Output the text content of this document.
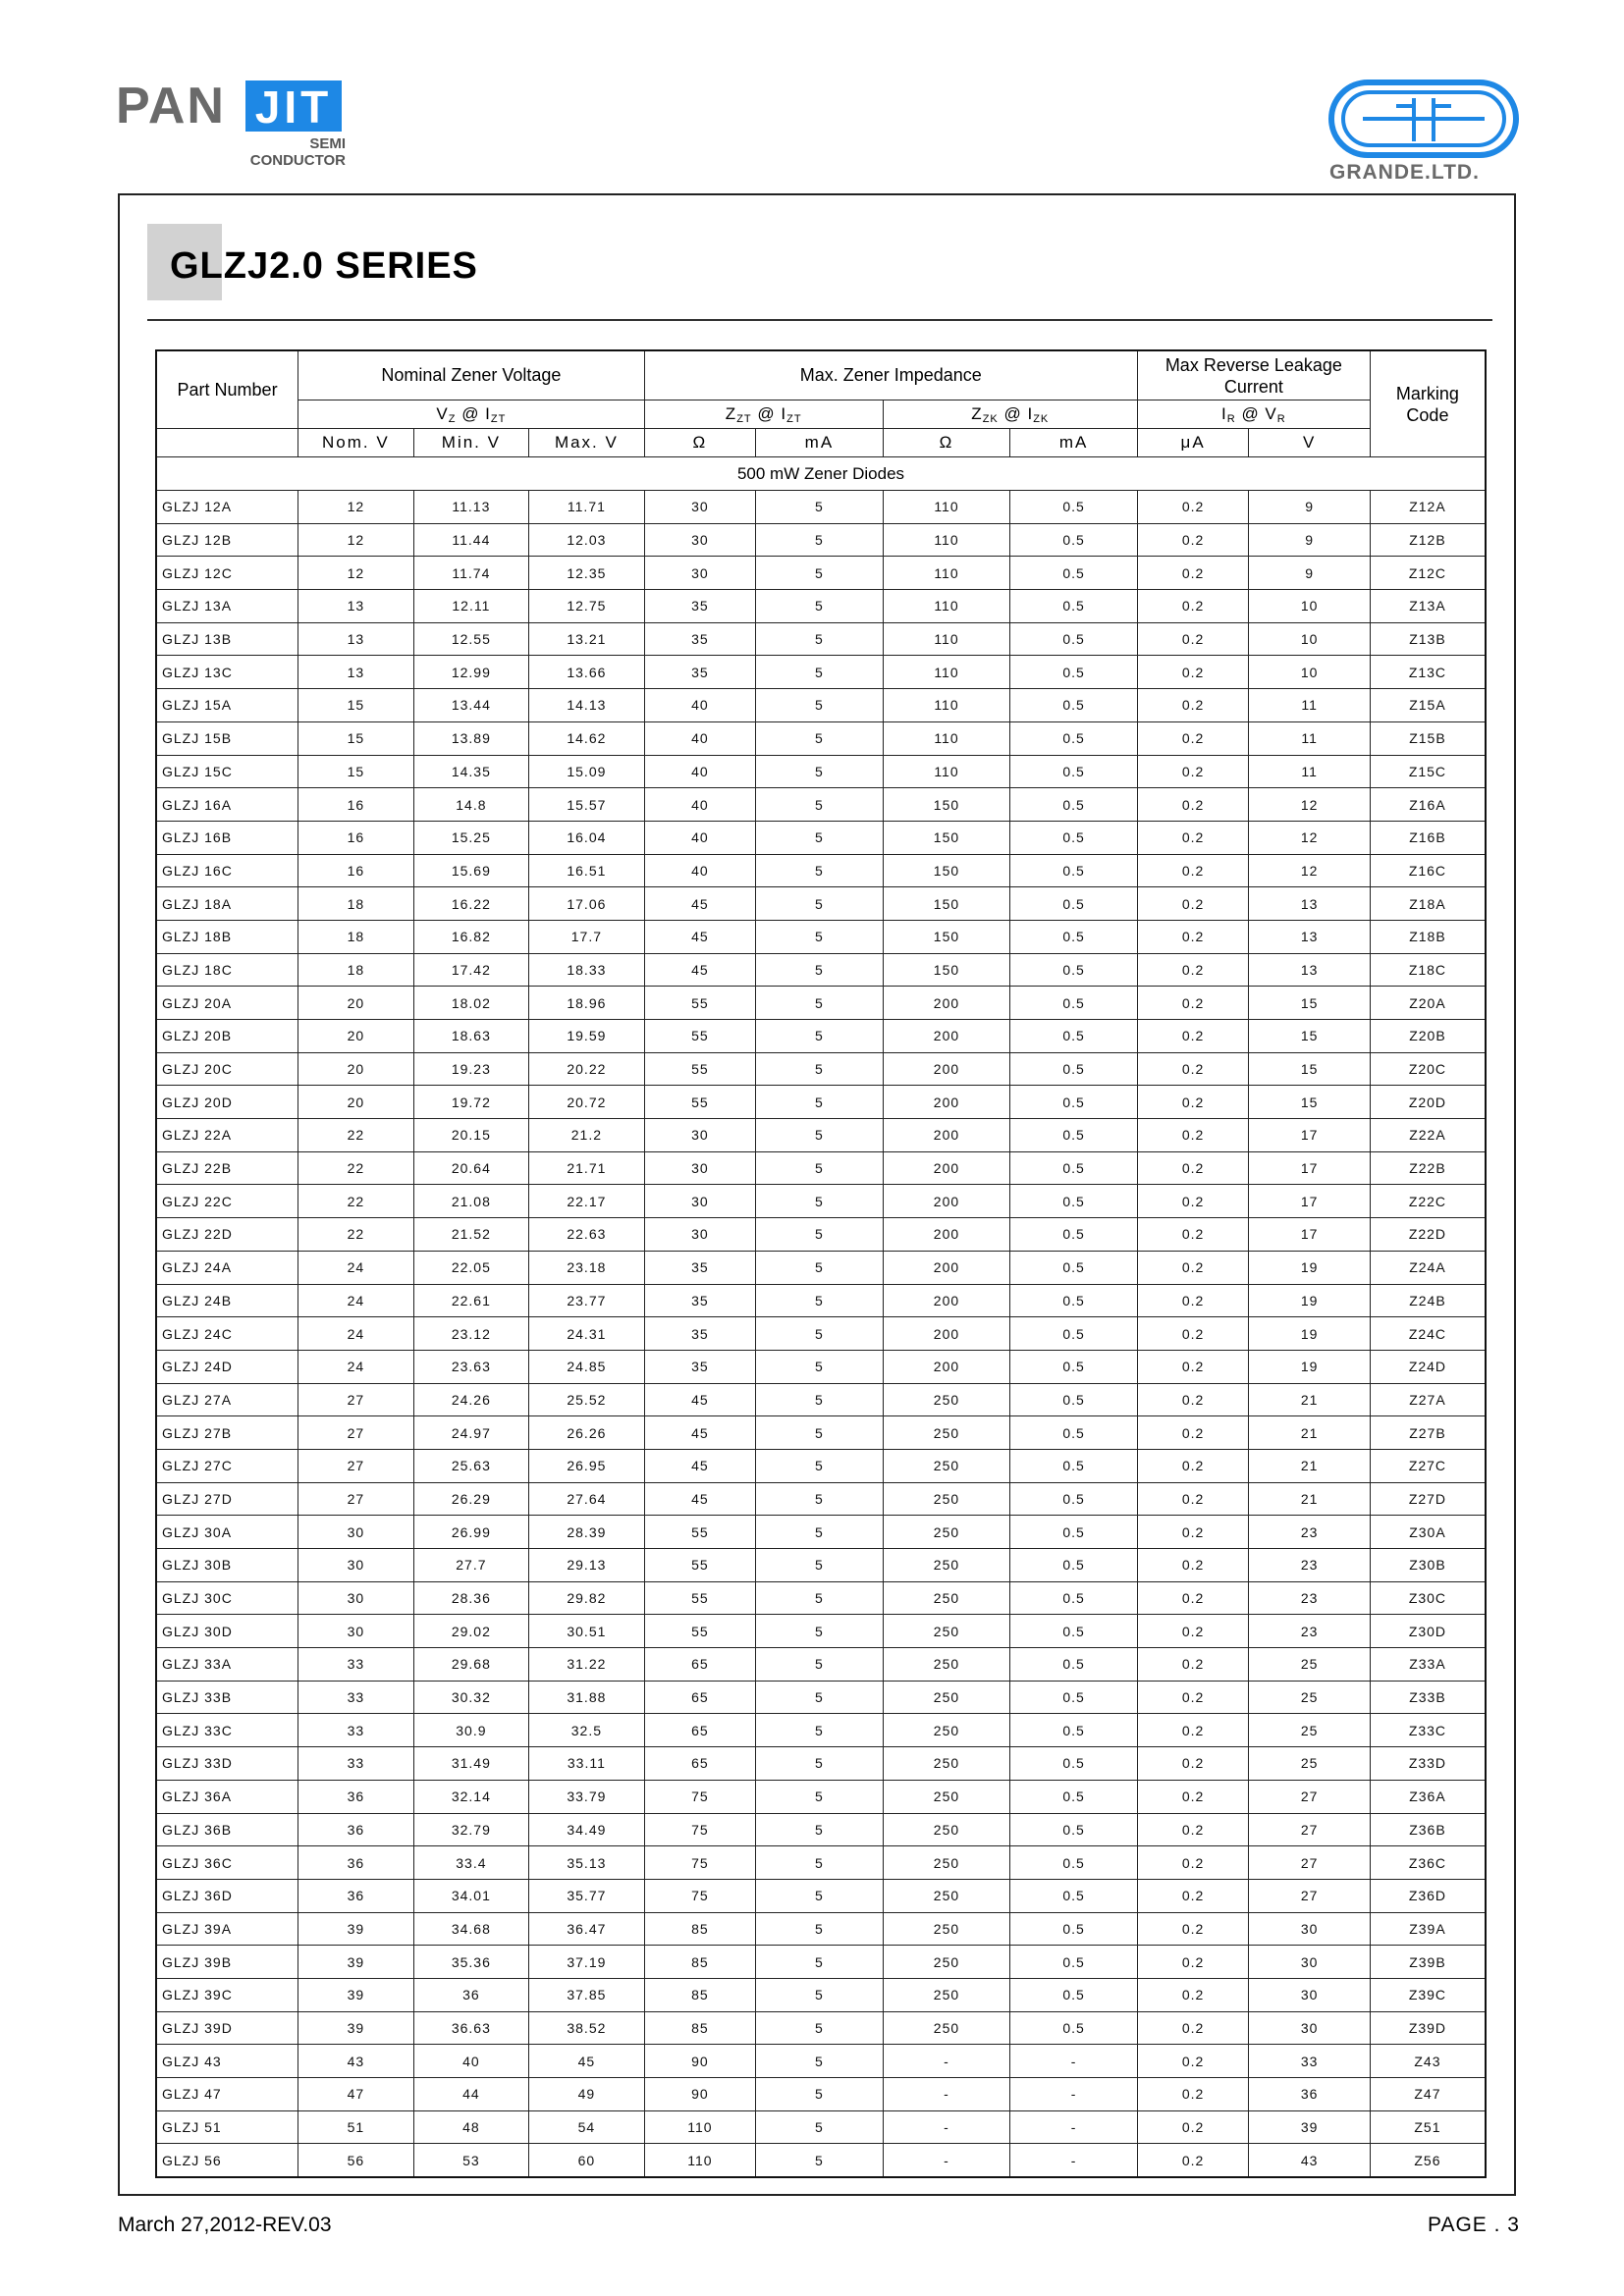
PAN JIT
SEMI
CONDUCTOR
GRANDE.LTD.
GLZJ2.0 SERIES
Part Number	Nominal Zener Voltage			Max. Zener Impedance				Max Reverse Leakage Current		Marking Code
	$V_Z$ @ $I_{ZT}$			$Z_{ZT}$ @ $I_{ZT}$		$Z_{ZK}$ @ $I_{ZK}$		$I_R$ @ $V_R$
	Nom. V	Min. V	Max. V	Ω	mA	Ω	mA	μA	V	
500 mW Zener Diodes										
GLZJ 12A	12	11.13	11.71	30	5	110	0.5	0.2	9	Z12A
GLZJ 12B	12	11.44	12.03	30	5	110	0.5	0.2	9	Z12B
GLZJ 12C	12	11.74	12.35	30	5	110	0.5	0.2	9	Z12C
GLZJ 13A	13	12.11	12.75	35	5	110	0.5	0.2	10	Z13A
GLZJ 13B	13	12.55	13.21	35	5	110	0.5	0.2	10	Z13B
GLZJ 13C	13	12.99	13.66	35	5	110	0.5	0.2	10	Z13C
GLZJ 15A	15	13.44	14.13	40	5	110	0.5	0.2	11	Z15A
GLZJ 15B	15	13.89	14.62	40	5	110	0.5	0.2	11	Z15B
GLZJ 15C	15	14.35	15.09	40	5	110	0.5	0.2	11	Z15C
GLZJ 16A	16	14.8	15.57	40	5	150	0.5	0.2	12	Z16A
GLZJ 16B	16	15.25	16.04	40	5	150	0.5	0.2	12	Z16B
GLZJ 16C	16	15.69	16.51	40	5	150	0.5	0.2	12	Z16C
GLZJ 18A	18	16.22	17.06	45	5	150	0.5	0.2	13	Z18A
GLZJ 18B	18	16.82	17.7	45	5	150	0.5	0.2	13	Z18B
GLZJ 18C	18	17.42	18.33	45	5	150	0.5	0.2	13	Z18C
GLZJ 20A	20	18.02	18.96	55	5	200	0.5	0.2	15	Z20A
GLZJ 20B	20	18.63	19.59	55	5	200	0.5	0.2	15	Z20B
GLZJ 20C	20	19.23	20.22	55	5	200	0.5	0.2	15	Z20C
GLZJ 20D	20	19.72	20.72	55	5	200	0.5	0.2	15	Z20D
GLZJ 22A	22	20.15	21.2	30	5	200	0.5	0.2	17	Z22A
GLZJ 22B	22	20.64	21.71	30	5	200	0.5	0.2	17	Z22B
GLZJ 22C	22	21.08	22.17	30	5	200	0.5	0.2	17	Z22C
GLZJ 22D	22	21.52	22.63	30	5	200	0.5	0.2	17	Z22D
GLZJ 24A	24	22.05	23.18	35	5	200	0.5	0.2	19	Z24A
GLZJ 24B	24	22.61	23.77	35	5	200	0.5	0.2	19	Z24B
GLZJ 24C	24	23.12	24.31	35	5	200	0.5	0.2	19	Z24C
GLZJ 24D	24	23.63	24.85	35	5	200	0.5	0.2	19	Z24D
GLZJ 27A	27	24.26	25.52	45	5	250	0.5	0.2	21	Z27A
GLZJ 27B	27	24.97	26.26	45	5	250	0.5	0.2	21	Z27B
GLZJ 27C	27	25.63	26.95	45	5	250	0.5	0.2	21	Z27C
GLZJ 27D	27	26.29	27.64	45	5	250	0.5	0.2	21	Z27D
GLZJ 30A	30	26.99	28.39	55	5	250	0.5	0.2	23	Z30A
GLZJ 30B	30	27.7	29.13	55	5	250	0.5	0.2	23	Z30B
GLZJ 30C	30	28.36	29.82	55	5	250	0.5	0.2	23	Z30C
GLZJ 30D	30	29.02	30.51	55	5	250	0.5	0.2	23	Z30D
GLZJ 33A	33	29.68	31.22	65	5	250	0.5	0.2	25	Z33A
GLZJ 33B	33	30.32	31.88	65	5	250	0.5	0.2	25	Z33B
GLZJ 33C	33	30.9	32.5	65	5	250	0.5	0.2	25	Z33C
GLZJ 33D	33	31.49	33.11	65	5	250	0.5	0.2	25	Z33D
GLZJ 36A	36	32.14	33.79	75	5	250	0.5	0.2	27	Z36A
GLZJ 36B	36	32.79	34.49	75	5	250	0.5	0.2	27	Z36B
GLZJ 36C	36	33.4	35.13	75	5	250	0.5	0.2	27	Z36C
GLZJ 36D	36	34.01	35.77	75	5	250	0.5	0.2	27	Z36D
GLZJ 39A	39	34.68	36.47	85	5	250	0.5	0.2	30	Z39A
GLZJ 39B	39	35.36	37.19	85	5	250	0.5	0.2	30	Z39B
GLZJ 39C	39	36	37.85	85	5	250	0.5	0.2	30	Z39C
GLZJ 39D	39	36.63	38.52	85	5	250	0.5	0.2	30	Z39D
GLZJ 43	43	40	45	90	5	-	-	0.2	33	Z43
GLZJ 47	47	44	49	90	5	-	-	0.2	36	Z47
GLZJ 51	51	48	54	110	5	-	-	0.2	39	Z51
GLZJ 56	56	53	60	110	5	-	-	0.2	43	Z56
March 27,2012-REV.03	PAGE . 3
